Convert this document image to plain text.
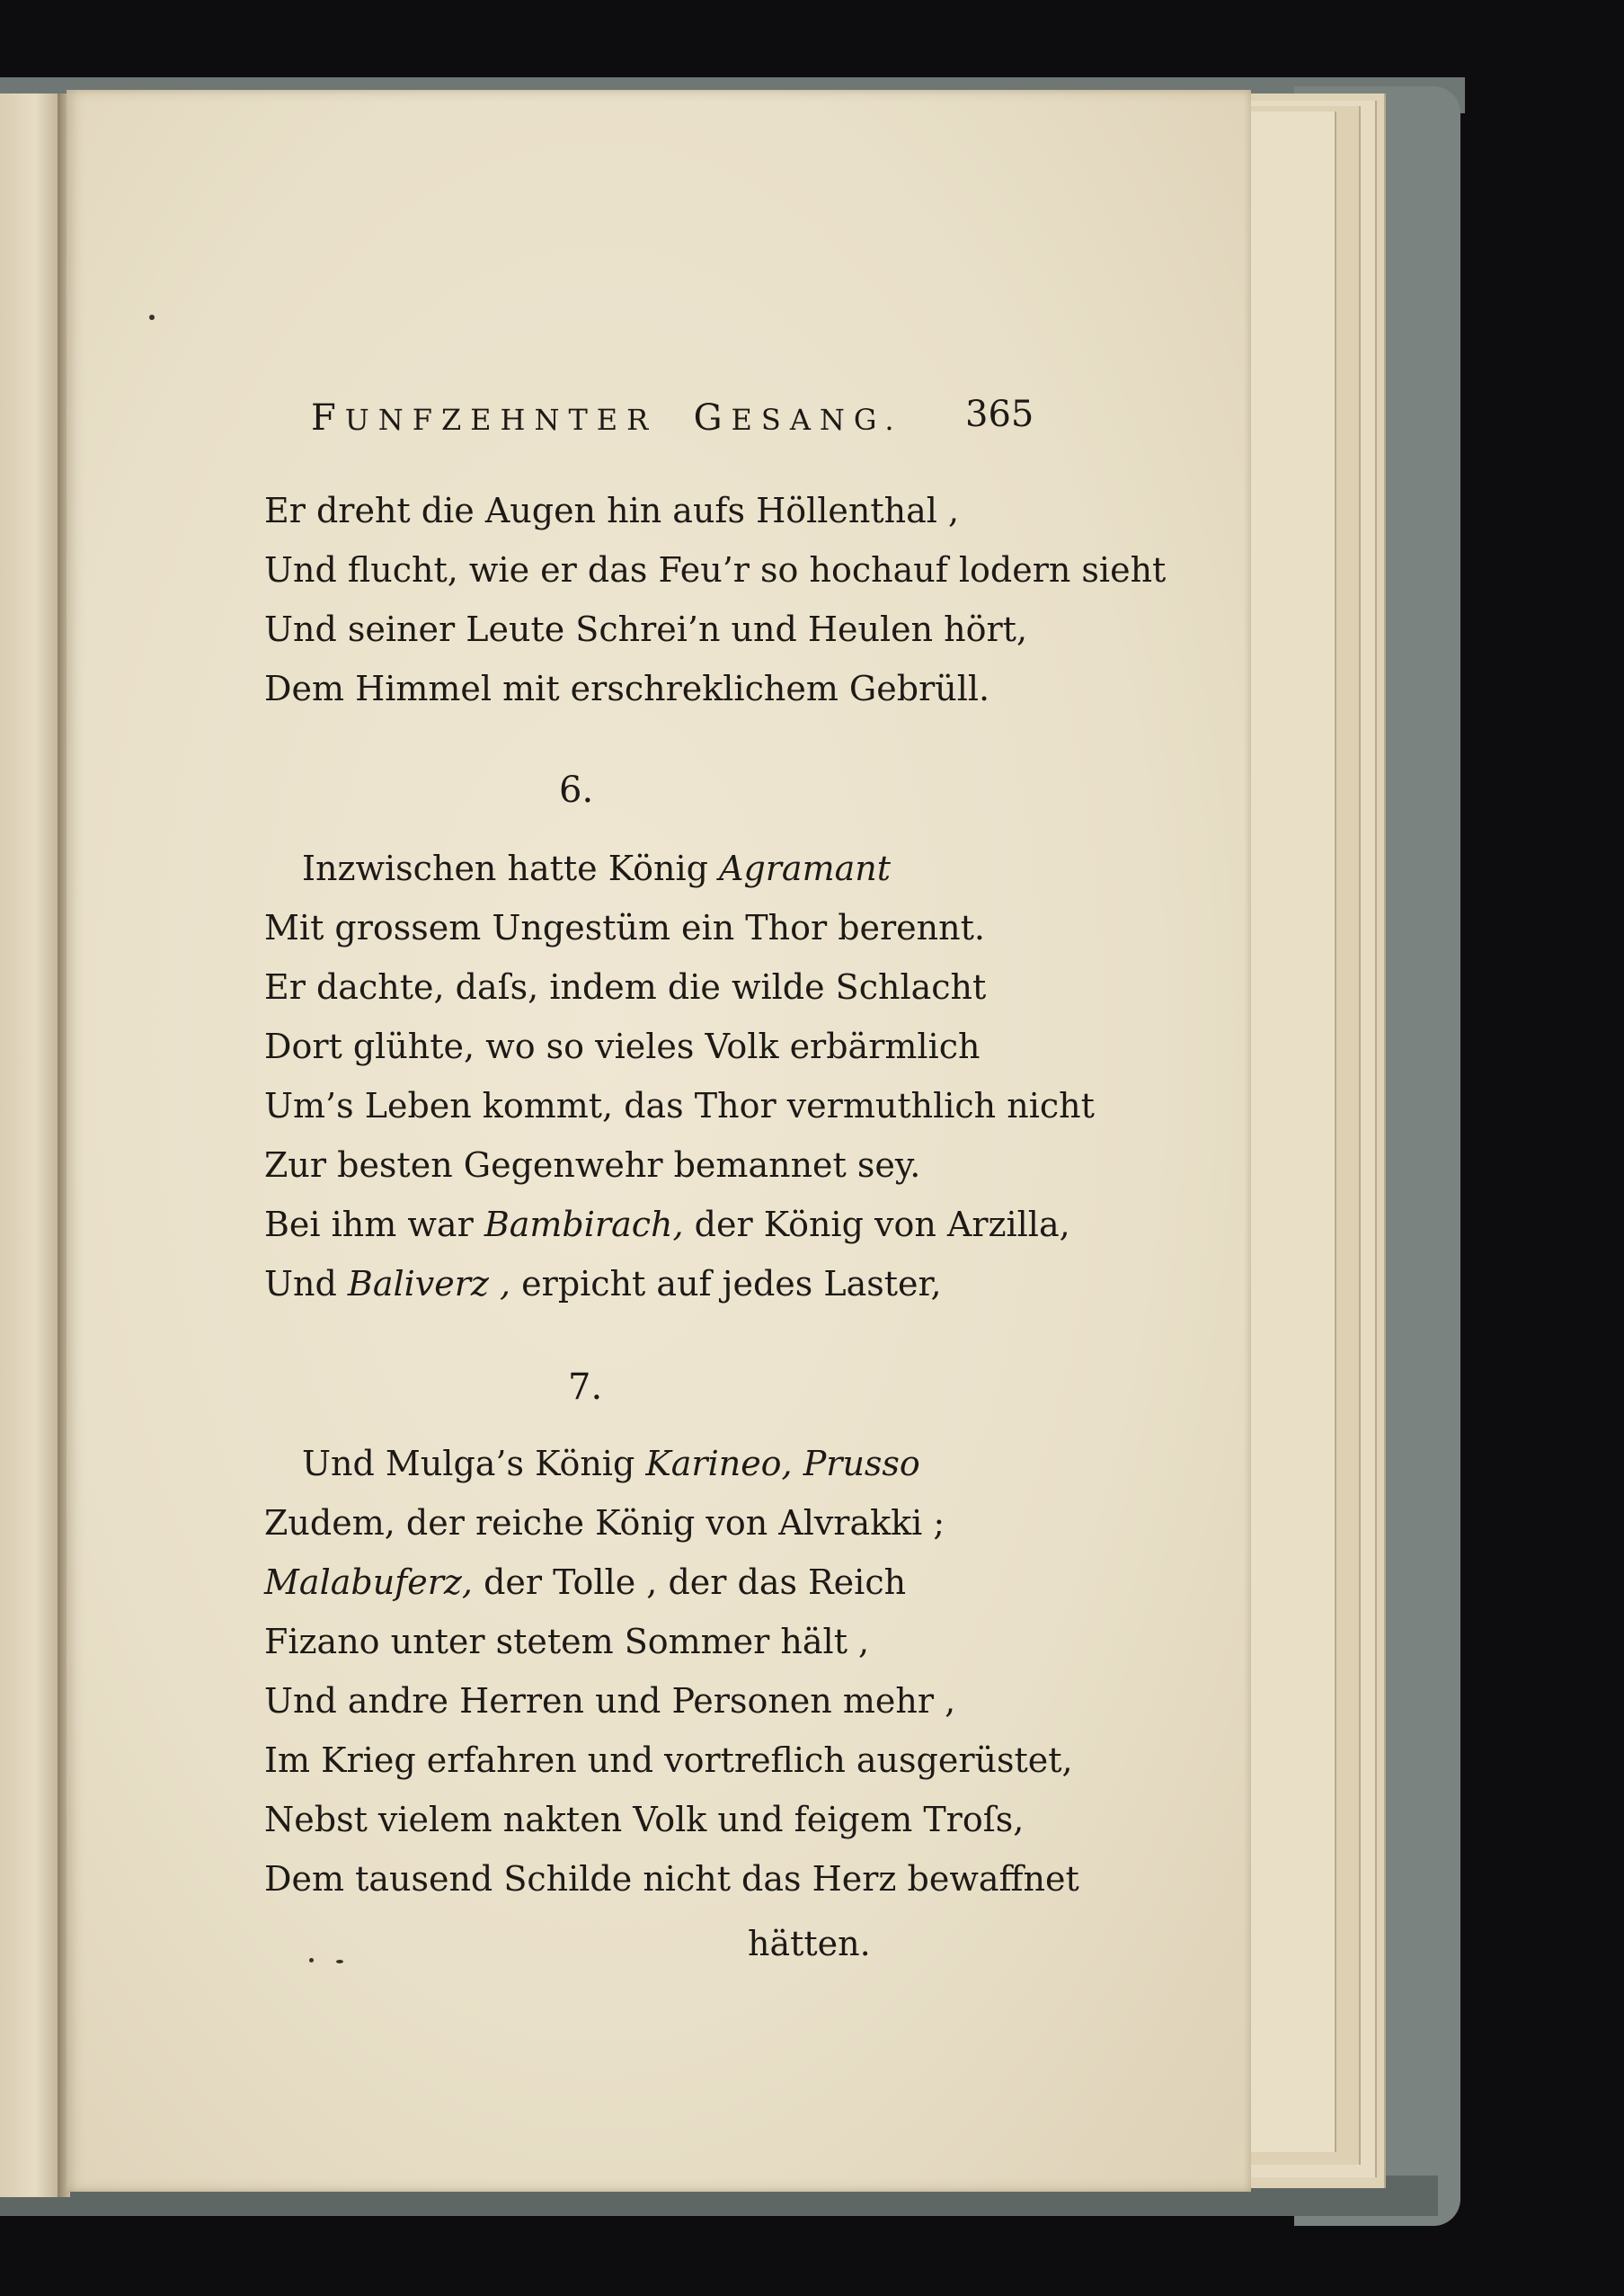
FUNFZEHNTER GESANG. 365
Er dreht die Augen hin aufs Höllenthal ,
Und flucht, wie er das Feu’r so hochauf lodern sieht
Und seiner Leute Schrei’n und Heulen hört,
Dem Himmel mit erschreklichem Gebrüll.
6.
Inzwischen hatte König Agramant
Mit grossem Ungestüm ein Thor berennt.
Er dachte, daſs, indem die wilde Schlacht
Dort glühte, wo so vieles Volk erbärmlich
Um’s Leben kommt, das Thor vermuthlich nicht
Zur besten Gegenwehr bemannet sey.
Bei ihm war Bambirach, der König von Arzilla,
Und Baliverz , erpicht auf jedes Laster,
7.
Und Mulga’s König Karineo, Prusso
Zudem, der reiche König von Alvrakki ;
Malabuferz, der Tolle , der das Reich
Fizano unter stetem Sommer hält ,
Und andre Herren und Personen mehr ,
Im Krieg erfahren und vortreflich ausgerüstet,
Nebst vielem nakten Volk und feigem Troſs,
Dem tausend Schilde nicht das Herz bewaffnet
hätten.
